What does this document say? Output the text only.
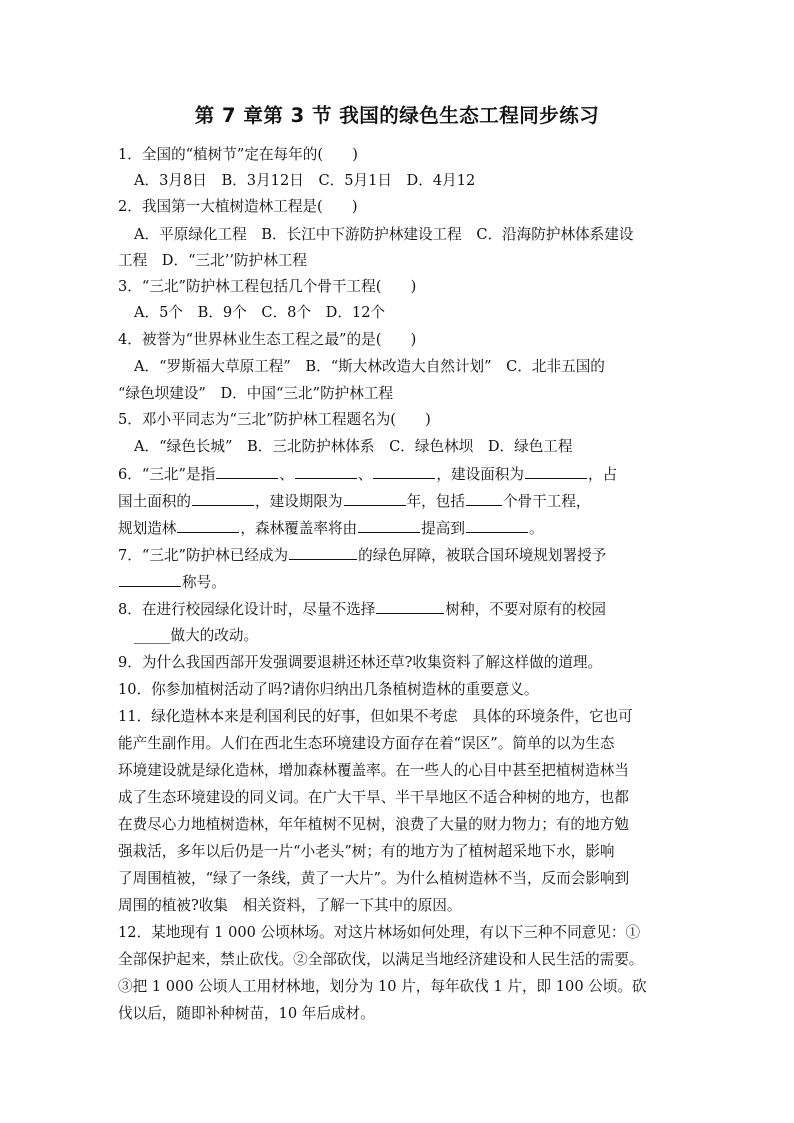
第 7 章第 3 节 我国的绿色生态工程同步练习
1．全国的“植树节”定在每年的(　　)
A．3月8日　B．3月12日　C．5月1日　D．4月12
2．我国第一大植树造林工程是(　　)
A．平原绿化工程　B．长江中下游防护林建设工程　C．沿海防护林体系建设
工程　D．“三北’’防护林工程
3．“三北”防护林工程包括几个骨干工程(　　)
A．5个　B．9个　C．8个　D．12个
4．被誉为“世界林业生态工程之最”的是(　　)
A．“罗斯福大草原工程”　B．“斯大林改造大自然计划”　C．北非五国的
“绿色坝建设”　D．中国“三北”防护林工程
5．邓小平同志为“三北”防护林工程题名为(　　)
A．“绿色长城”　B．三北防护林体系　C．绿色林坝　D．绿色工程
6．“三北”是指	、	、	，建设面积为	，占
国土面积的	，建设期限为	年，包括	个骨干工程，
规划造林	，森林覆盖率将由	提高到	。
7．“三北”防护林已经成为	的绿色屏障，被联合国环境规划署授予
称号。
8．在进行校园绿化设计时，尽量不选择	树种，不要对原有的校园
_____做大的改动。
9．为什么我国西部开发强调要退耕还林还草?收集资料了解这样做的道理。
10．你参加植树活动了吗?请你归纳出几条植树造林的重要意义。
11．绿化造林本来是利国利民的好事，但如果不考虑　具体的环境条件，它也可
能产生副作用。人们在西北生态环境建设方面存在着“误区”。简单的以为生态
环境建设就是绿化造林，增加森林覆盖率。在一些人的心目中甚至把植树造林当
成了生态环境建设的同义词。在广大干旱、半干旱地区不适合种树的地方，也都
在费尽心力地植树造林，年年植树不见树，浪费了大量的财力物力；有的地方勉
强栽活，多年以后仍是一片“小老头”树；有的地方为了植树超采地下水，影响
了周围植被，“绿了一条线，黄了一大片”。为什么植树造林不当，反而会影响到
周围的植被?收集　相关资料，了解一下其中的原因。
12．某地现有 1 000 公顷林场。对这片林场如何处理，有以下三种不同意见：①
全部保护起来，禁止砍伐。②全部砍伐，以满足当地经济建设和人民生活的需要。
③把 1 000 公顷人工用材林地，划分为 10 片，每年砍伐 1 片，即 100 公顷。砍
伐以后，随即补种树苗，10 年后成材。
